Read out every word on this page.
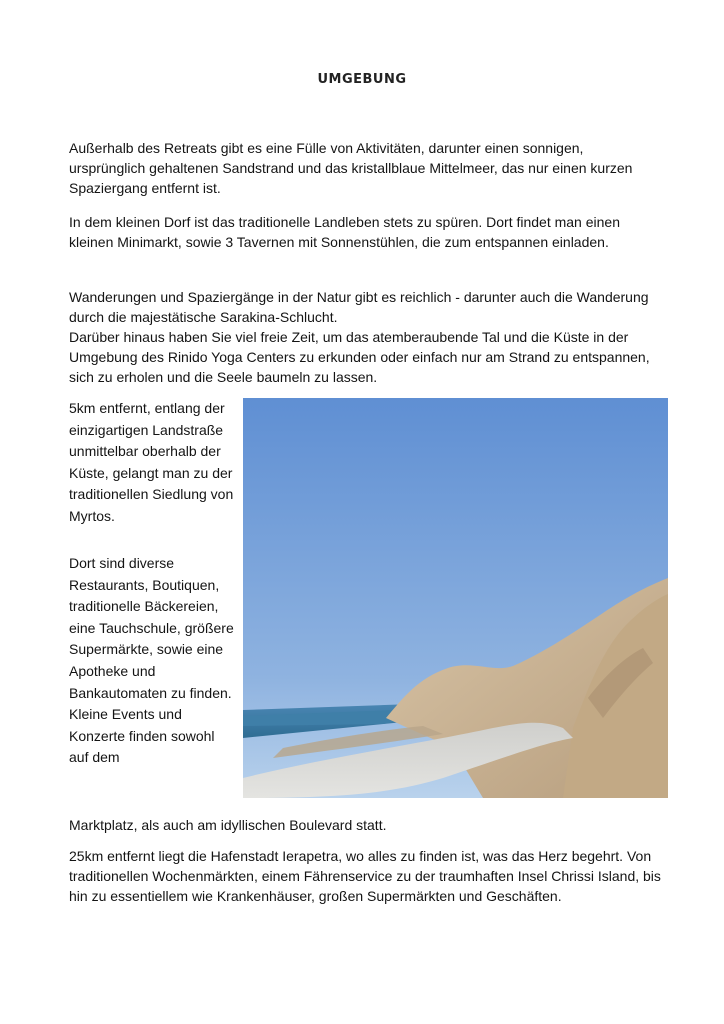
UMGEBUNG

Außerhalb des Retreats gibt es eine Fülle von Aktivitäten, darunter einen sonnigen, ursprünglich gehaltenen Sandstrand und das kristallblaue Mittelmeer, das nur einen kurzen Spaziergang entfernt ist.

In dem kleinen Dorf ist das traditionelle Landleben stets zu spüren. Dort findet man einen kleinen Minimarkt, sowie 3 Tavernen mit Sonnenstühlen, die zum entspannen einladen.

Wanderungen und Spaziergänge in der Natur gibt es reichlich - darunter auch die Wanderung durch die majestätische Sarakina-Schlucht.
Darüber hinaus haben Sie viel freie Zeit, um das atemberaubende Tal und die Küste in der Umgebung des Rinido Yoga Centers zu erkunden oder einfach nur am Strand zu entspannen, sich zu erholen und die Seele baumeln zu lassen.

5km entfernt, entlang der einzigartigen Landstraße unmittelbar oberhalb der Küste, gelangt man zu der traditionellen Siedlung von Myrtos.

Dort sind diverse Restaurants, Boutiquen, traditionelle Bäckereien, eine Tauchschule, größere Supermärkte, sowie eine Apotheke und Bankautomaten zu finden. Kleine Events und Konzerte finden sowohl auf dem

Marktplatz, als auch am idyllischen Boulevard statt.

25km entfernt liegt die Hafenstadt Ierapetra, wo alles zu finden ist, was das Herz begehrt. Von traditionellen Wochenmärkten, einem Fährenservice zu der traumhaften Insel Chrissi Island, bis hin zu essentiellem wie Krankenhäuser, großen Supermärkten und Geschäften.
